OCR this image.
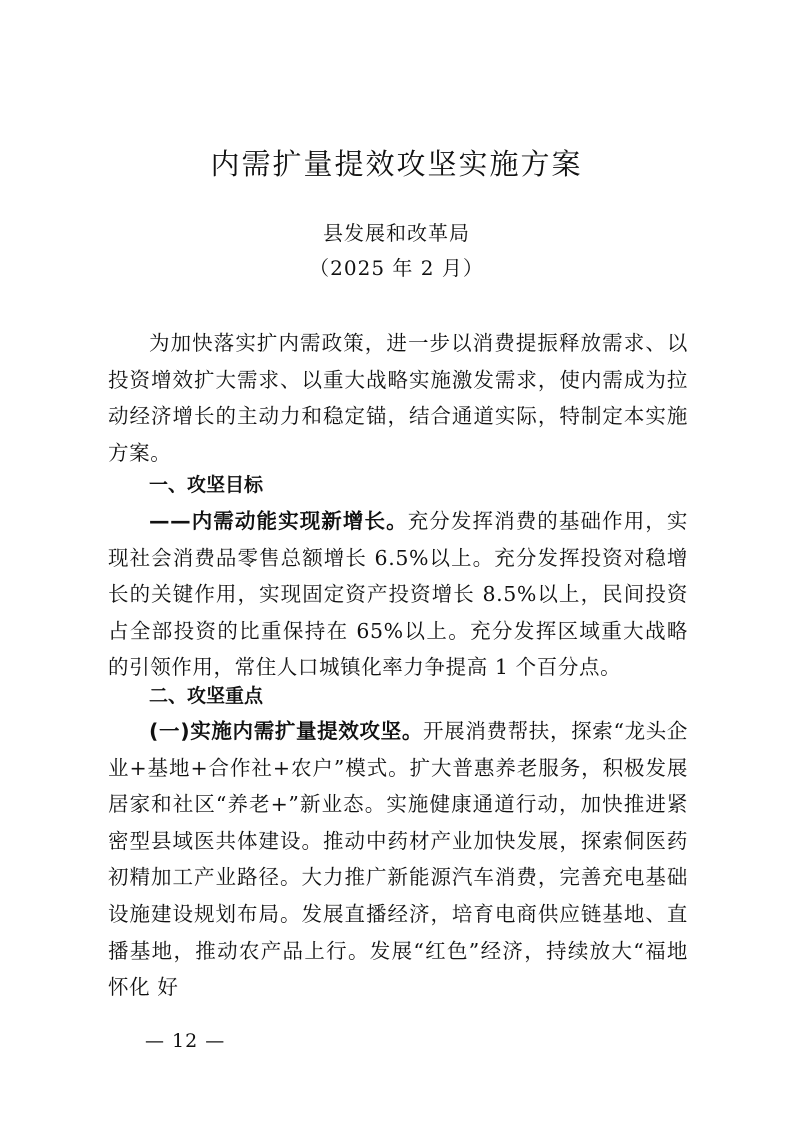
内需扩量提效攻坚实施方案
县发展和改革局
（2025 年 2 月）
为加快落实扩内需政策，进一步以消费提振释放需求、以投资增效扩大需求、以重大战略实施激发需求，使内需成为拉动经济增长的主动力和稳定锚，结合通道实际，特制定本实施方案。
一、攻坚目标
——内需动能实现新增长。充分发挥消费的基础作用，实现社会消费品零售总额增长 6.5%以上。充分发挥投资对稳增长的关键作用，实现固定资产投资增长 8.5%以上，民间投资占全部投资的比重保持在 65%以上。充分发挥区域重大战略的引领作用，常住人口城镇化率力争提高 1 个百分点。
二、攻坚重点
(一)实施内需扩量提效攻坚。开展消费帮扶，探索“龙头企业+基地+合作社+农户”模式。扩大普惠养老服务，积极发展居家和社区“养老+”新业态。实施健康通道行动，加快推进紧密型县域医共体建设。推动中药材产业加快发展，探索侗医药初精加工产业路径。大力推广新能源汽车消费，完善充电基础设施建设规划布局。发展直播经济，培育电商供应链基地、直播基地，推动农产品上行。发展“红色”经济，持续放大“福地怀化 好
— 12 —
